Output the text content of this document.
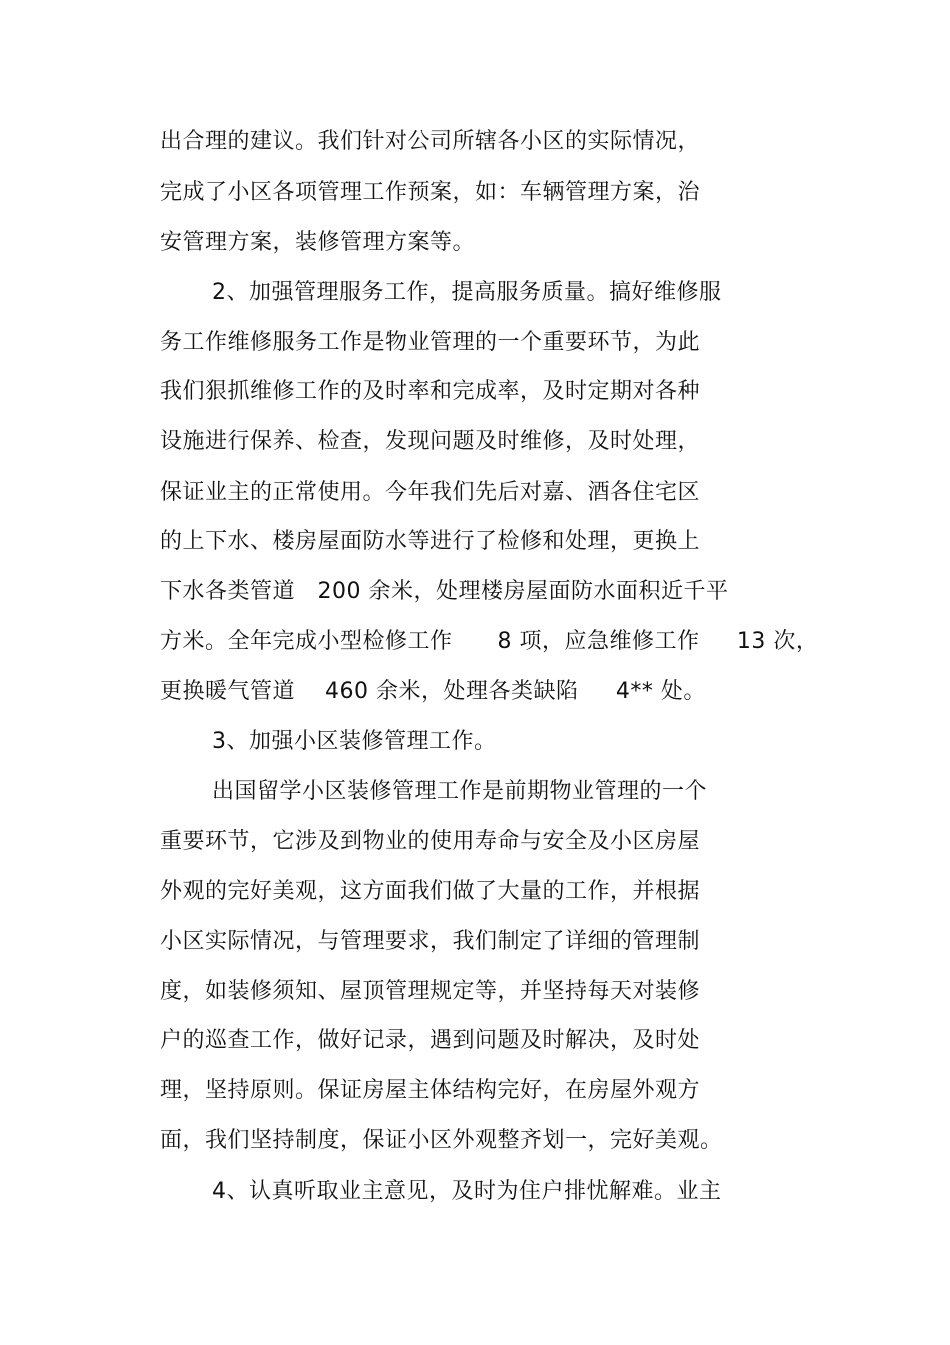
出合理的建议。我们针对公司所辖各小区的实际情况，
完成了小区各项管理工作预案，如：车辆管理方案，治
安管理方案，装修管理方案等。
2、加强管理服务工作，提高服务质量。搞好维修服
务工作维修服务工作是物业管理的一个重要环节，为此
我们狠抓维修工作的及时率和完成率，及时定期对各种
设施进行保养、检查，发现问题及时维修，及时处理，
保证业主的正常使用。今年我们先后对嘉、酒各住宅区
的上下水、楼房屋面防水等进行了检修和处理，更换上
下水各类管道   200 余米，处理楼房屋面防水面积近千平
方米。全年完成小型检修工作      8 项，应急维修工作     13 次，
更换暖气管道    460 余米，处理各类缺陷     4** 处。
3、加强小区装修管理工作。
出国留学小区装修管理工作是前期物业管理的一个
重要环节，它涉及到物业的使用寿命与安全及小区房屋
外观的完好美观，这方面我们做了大量的工作，并根据
小区实际情况，与管理要求，我们制定了详细的管理制
度，如装修须知、屋顶管理规定等，并坚持每天对装修
户的巡查工作，做好记录，遇到问题及时解决，及时处
理，坚持原则。保证房屋主体结构完好，在房屋外观方
面，我们坚持制度，保证小区外观整齐划一，完好美观。
4、认真听取业主意见，及时为住户排忧解难。业主
